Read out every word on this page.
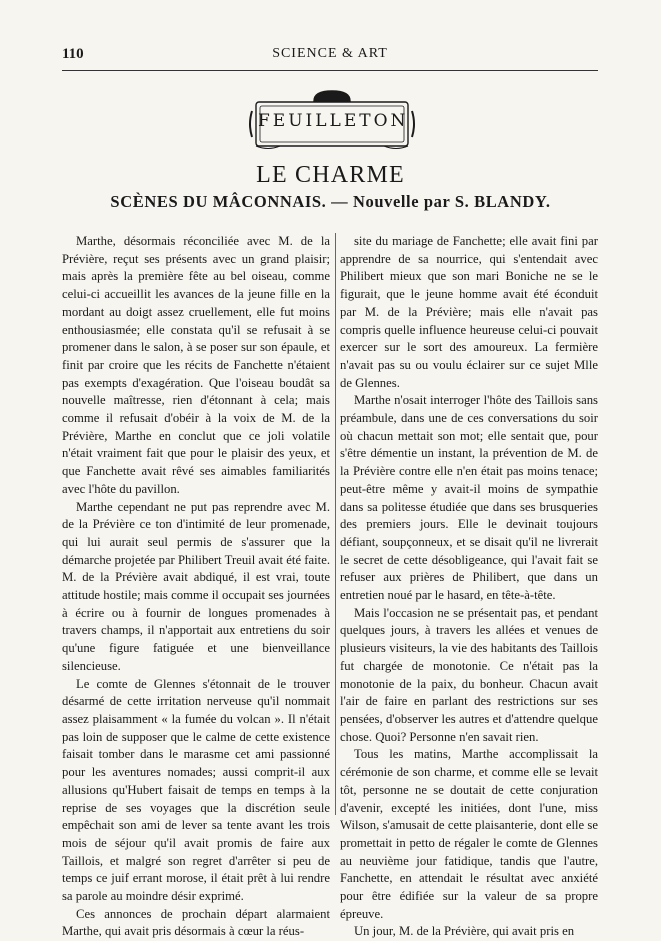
110	SCIENCE & ART
FEUILLETON
LE CHARME
SCÈNES DU MÂCONNAIS. — Nouvelle par S. BLANDY.

Marthe, désormais réconciliée avec M. de la Prévière, reçut ses présents avec un grand plaisir; mais après la première fête au bel oiseau, comme celui-ci accueillit les avances de la jeune fille en la mordant au doigt assez cruellement, elle fut moins enthousiasmée; elle constata qu'il se refusait à se promener dans le salon, à se poser sur son épaule, et finit par croire que les récits de Fanchette n'étaient pas exempts d'exagération. Que l'oiseau boudât sa nouvelle maîtresse, rien d'étonnant à cela; mais comme il refusait d'obéir à la voix de M. de la Prévière, Marthe en conclut que ce joli volatile n'était vraiment fait que pour le plaisir des yeux, et que Fanchette avait rêvé ses aimables familiarités avec l'hôte du pavillon.

Marthe cependant ne put pas reprendre avec M. de la Prévière ce ton d'intimité de leur promenade, qui lui aurait seul permis de s'assurer que la démarche projetée par Philibert Treuil avait été faite. M. de la Prévière avait abdiqué, il est vrai, toute attitude hostile; mais comme il occupait ses journées à écrire ou à fournir de longues promenades à travers champs, il n'apportait aux entretiens du soir qu'une figure fatiguée et une bienveillance silencieuse.

Le comte de Glennes s'étonnait de le trouver désarmé de cette irritation nerveuse qu'il nommait assez plaisamment « la fumée du volcan ». Il n'était pas loin de supposer que le calme de cette existence faisait tomber dans le marasme cet ami passionné pour les aventures nomades; aussi comprit-il aux allusions qu'Hubert faisait de temps en temps à la reprise de ses voyages que la discrétion seule empêchait son ami de lever sa tente avant les trois mois de séjour qu'il avait promis de faire aux Taillois, et malgré son regret d'arrêter si peu de temps ce juif errant morose, il était prêt à lui rendre sa parole au moindre désir exprimé.

Ces annonces de prochain départ alarmaient Marthe, qui avait pris désormais à cœur la réus-

site du mariage de Fanchette; elle avait fini par apprendre de sa nourrice, qui s'entendait avec Philibert mieux que son mari Boniche ne se le figurait, que le jeune homme avait été éconduit par M. de la Prévière; mais elle n'avait pas compris quelle influence heureuse celui-ci pouvait exercer sur le sort des amoureux. La fermière n'avait pas su ou voulu éclairer sur ce sujet Mlle de Glennes.

Marthe n'osait interroger l'hôte des Taillois sans préambule, dans une de ces conversations du soir où chacun mettait son mot; elle sentait que, pour s'être démentie un instant, la prévention de M. de la Prévière contre elle n'en était pas moins tenace; peut-être même y avait-il moins de sympathie dans sa politesse étudiée que dans ses brusqueries des premiers jours. Elle le devinait toujours défiant, soupçonneux, et se disait qu'il ne livrerait le secret de cette désobligeance, qui l'avait fait se refuser aux prières de Philibert, que dans un entretien noué par le hasard, en tête-à-tête.

Mais l'occasion ne se présentait pas, et pendant quelques jours, à travers les allées et venues de plusieurs visiteurs, la vie des habitants des Taillois fut chargée de monotonie. Ce n'était pas la monotonie de la paix, du bonheur. Chacun avait l'air de faire en parlant des restrictions sur ses pensées, d'observer les autres et d'attendre quelque chose. Quoi? Personne n'en savait rien.

Tous les matins, Marthe accomplissait la cérémonie de son charme, et comme elle se levait tôt, personne ne se doutait de cette conjuration d'avenir, excepté les initiées, dont l'une, miss Wilson, s'amusait de cette plaisanterie, dont elle se promettait in petto de régaler le comte de Glennes au neuvième jour fatidique, tandis que l'autre, Fanchette, en attendait le résultat avec anxiété pour être édifiée sur la valeur de sa propre épreuve.

Un jour, M. de la Prévière, qui avait pris en
